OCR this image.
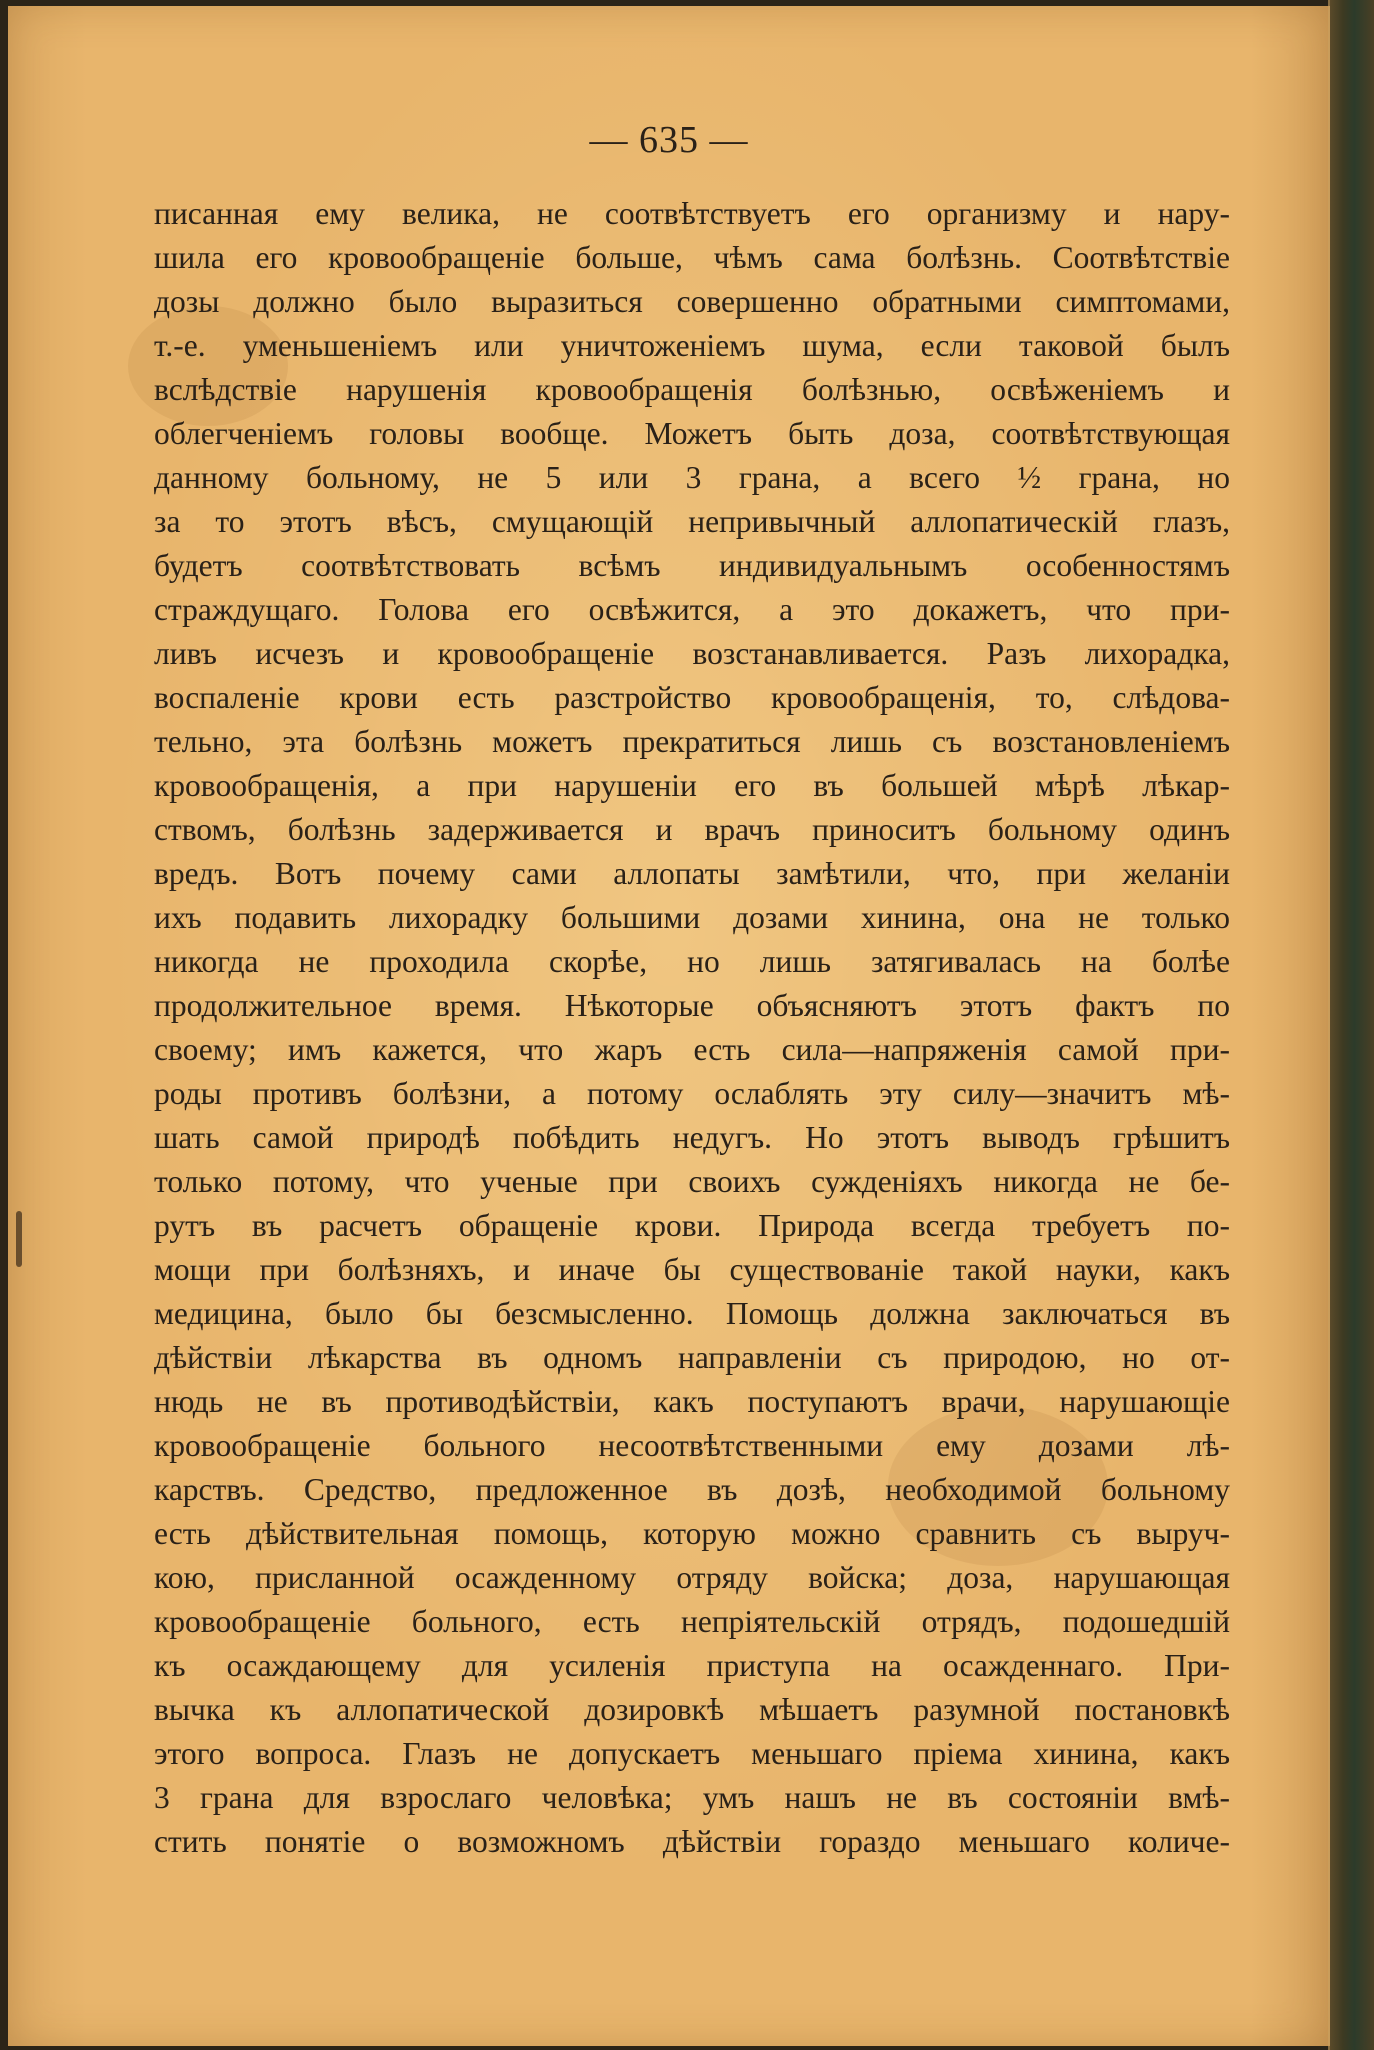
— 635 —
писанная ему велика, не соотвѣтствуетъ его организму и нару-
шила его кровообращеніе больше, чѣмъ сама болѣзнь. Соотвѣтствіе
дозы должно было выразиться совершенно обратными симптомами,
т.-е. уменьшеніемъ или уничтоженіемъ шума, если таковой былъ
вслѣдствіе нарушенія кровообращенія болѣзнью, освѣженіемъ и
облегченіемъ головы вообще. Можетъ быть доза, соотвѣтствующая
данному больному, не 5 или 3 грана, а всего ½ грана, но
за то этотъ вѣсъ, смущающій непривычный аллопатическій глазъ,
будетъ соотвѣтствовать всѣмъ индивидуальнымъ особенностямъ
страждущаго. Голова его освѣжится, а это докажетъ, что при-
ливъ исчезъ и кровообращеніе возстанавливается. Разъ лихорадка,
воспаленіе крови есть разстройство кровообращенія, то, слѣдова-
тельно, эта болѣзнь можетъ прекратиться лишь съ возстановленіемъ
кровообращенія, а при нарушеніи его въ большей мѣрѣ лѣкар-
ствомъ, болѣзнь задерживается и врачъ приноситъ больному одинъ
вредъ. Вотъ почему сами аллопаты замѣтили, что, при желаніи
ихъ подавить лихорадку большими дозами хинина, она не только
никогда не проходила скорѣе, но лишь затягивалась на болѣе
продолжительное время. Нѣкоторые объясняютъ этотъ фактъ по
своему; имъ кажется, что жаръ есть сила—напряженія самой при-
роды противъ болѣзни, а потому ослаблять эту силу—значитъ мѣ-
шать самой природѣ побѣдить недугъ. Но этотъ выводъ грѣшитъ
только потому, что ученые при своихъ сужденіяхъ никогда не бе-
рутъ въ расчетъ обращеніе крови. Природа всегда требуетъ по-
мощи при болѣзняхъ, и иначе бы существованіе такой науки, какъ
медицина, было бы безсмысленно. Помощь должна заключаться въ
дѣйствіи лѣкарства въ одномъ направленіи съ природою, но от-
нюдь не въ противодѣйствіи, какъ поступаютъ врачи, нарушающіе
кровообращеніе больного несоотвѣтственными ему дозами лѣ-
карствъ. Средство, предложенное въ дозѣ, необходимой больному
есть дѣйствительная помощь, которую можно сравнить съ выруч-
кою, присланной осажденному отряду войска; доза, нарушающая
кровообращеніе больного, есть непріятельскій отрядъ, подошедшій
къ осаждающему для усиленія приступа на осажденнаго. При-
вычка къ аллопатической дозировкѣ мѣшаетъ разумной постановкѣ
этого вопроса. Глазъ не допускаетъ меньшаго пріема хинина, какъ
3 грана для взрослаго человѣка; умъ нашъ не въ состояніи вмѣ-
стить понятіе о возможномъ дѣйствіи гораздо меньшаго количе-
